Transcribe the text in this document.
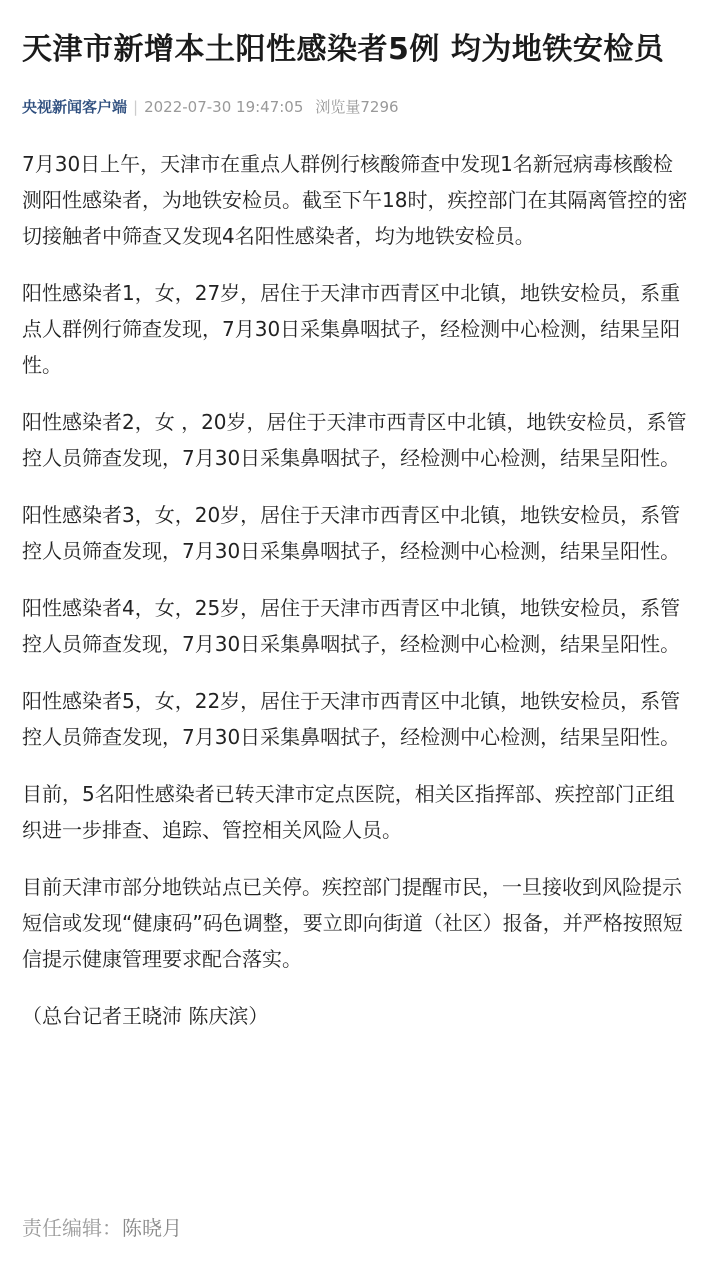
天津市新增本土阳性感染者5例 均为地铁安检员
央视新闻客户端 | 2022-07-30 19:47:05 浏览量7296

7月30日上午，天津市在重点人群例行核酸筛查中发现1名新冠病毒核酸检测阳性感染者，为地铁安检员。截至下午18时，疾控部门在其隔离管控的密切接触者中筛查又发现4名阳性感染者，均为地铁安检员。

阳性感染者1，女，27岁，居住于天津市西青区中北镇，地铁安检员，系重点人群例行筛查发现，7月30日采集鼻咽拭子，经检测中心检测，结果呈阳性。

阳性感染者2，女 ，20岁，居住于天津市西青区中北镇，地铁安检员，系管控人员筛查发现，7月30日采集鼻咽拭子，经检测中心检测，结果呈阳性。

阳性感染者3，女，20岁，居住于天津市西青区中北镇，地铁安检员，系管控人员筛查发现，7月30日采集鼻咽拭子，经检测中心检测，结果呈阳性。

阳性感染者4，女，25岁，居住于天津市西青区中北镇，地铁安检员，系管控人员筛查发现，7月30日采集鼻咽拭子，经检测中心检测，结果呈阳性。

阳性感染者5，女，22岁，居住于天津市西青区中北镇，地铁安检员，系管控人员筛查发现，7月30日采集鼻咽拭子，经检测中心检测，结果呈阳性。

目前，5名阳性感染者已转天津市定点医院，相关区指挥部、疾控部门正组织进一步排查、追踪、管控相关风险人员。

目前天津市部分地铁站点已关停。疾控部门提醒市民，一旦接收到风险提示短信或发现“健康码”码色调整，要立即向街道（社区）报备，并严格按照短信提示健康管理要求配合落实。

（总台记者王晓沛 陈庆滨）

责任编辑：陈晓月
